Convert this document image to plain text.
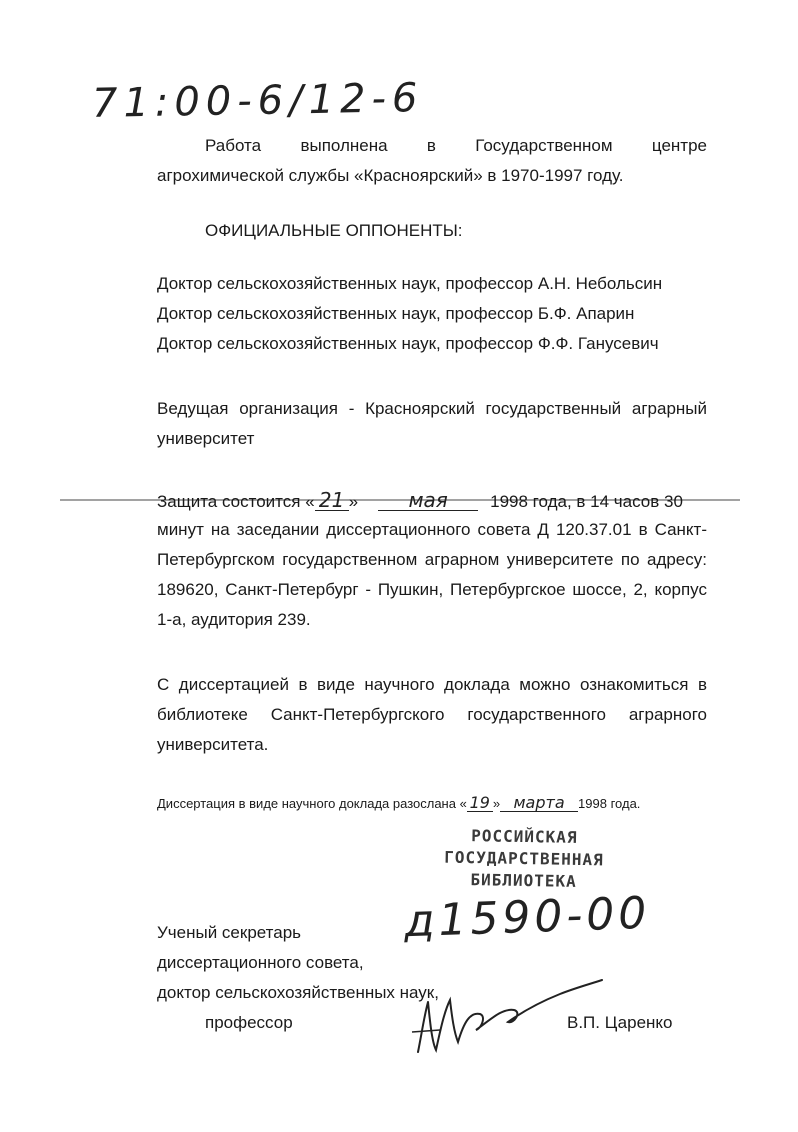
71:00-6/12-6
Работа выполнена в Государственном центре
агрохимической службы «Красноярский» в 1970-1997 году.
ОФИЦИАЛЬНЫЕ ОППОНЕНТЫ:
Доктор сельскохозяйственных наук, профессор А.Н. Небольсин
Доктор сельскохозяйственных наук, профессор Б.Ф. Апарин
Доктор сельскохозяйственных наук, профессор Ф.Ф. Ганусевич
Ведущая организация - Красноярский государственный аграрный
университет
Защита состоится « 21 »	мая	1998 года, в 14 часов 30
минут на заседании диссертационного совета Д 120.37.01 в Санкт-
Петербургском государственном аграрном университете по адресу:
189620, Санкт-Петербург - Пушкин, Петербургское шоссе, 2, корпус
1-а, аудитория 239.
С диссертацией в виде научного доклада можно ознакомиться в
библиотеке Санкт-Петербургского государственного аграрного
университета.
Диссертация в виде научного доклада разослана « 19 » марта	1998 года.
РОССИЙСКАЯ
ГОСУДАРСТВЕННАЯ
БИБЛИОТЕКА
д1590-00
Ученый секретарь
диссертационного совета,
доктор сельскохозяйственных наук,
профессор	В.П. Царенко
